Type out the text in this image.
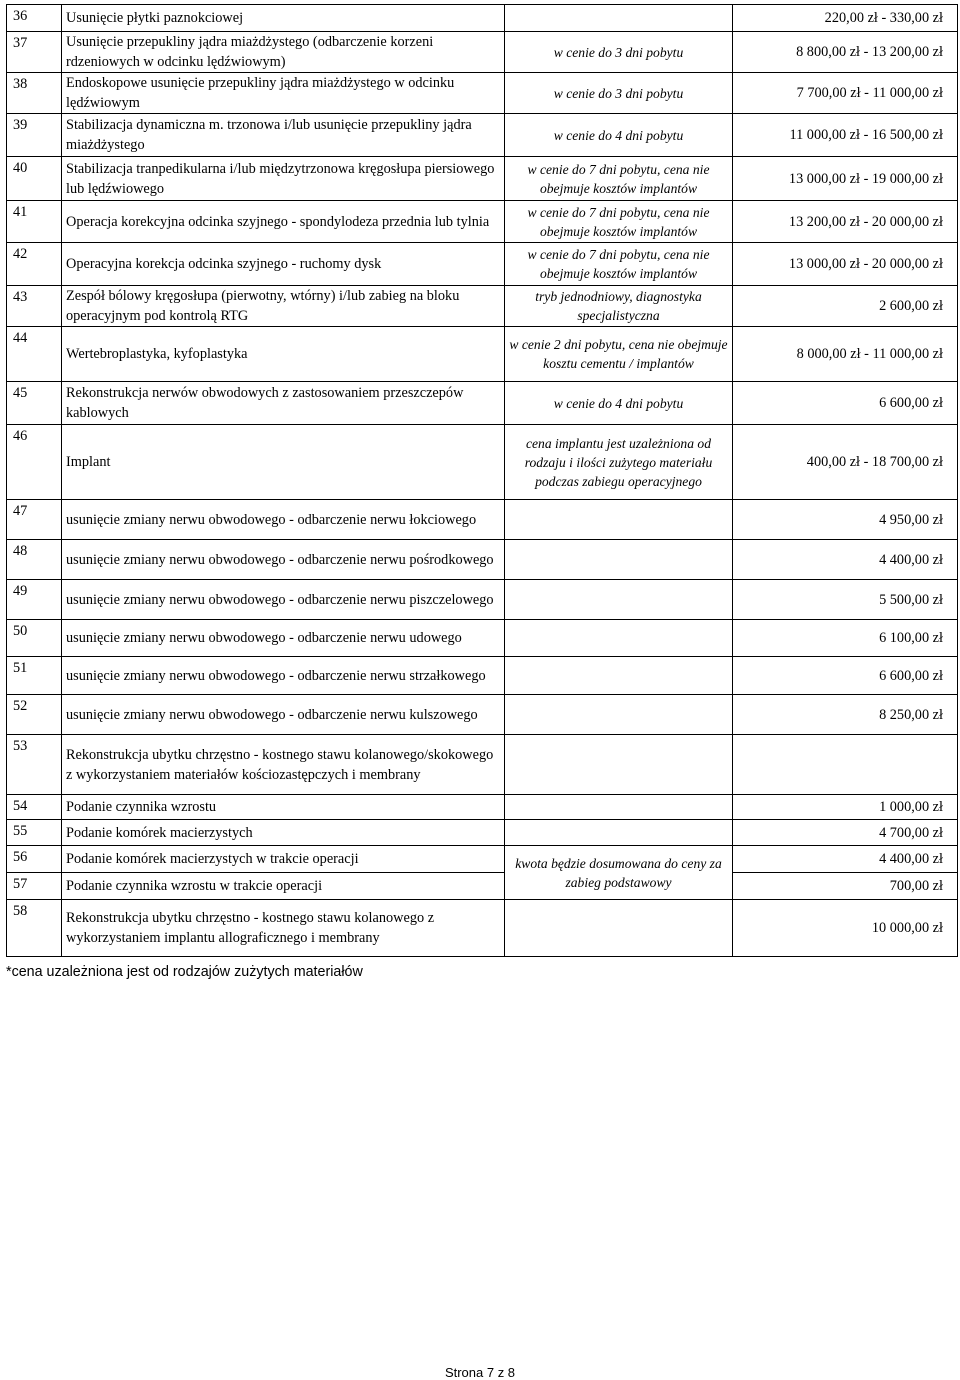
36	Usunięcie płytki paznokciowej		220,00 zł - 330,00 zł
37	Usunięcie przepukliny jądra miażdżystego (odbarczenie korzeni rdzeniowych w odcinku lędźwiowym)	w cenie do 3 dni pobytu	8 800,00 zł - 13 200,00 zł
38	Endoskopowe usunięcie przepukliny jądra miażdżystego w odcinku lędźwiowym	w cenie do 3 dni pobytu	7 700,00 zł - 11 000,00 zł
39	Stabilizacja dynamiczna m. trzonowa i/lub usunięcie przepukliny jądra miażdżystego	w cenie do 4 dni pobytu	11 000,00 zł - 16 500,00 zł
40	Stabilizacja tranpedikularna i/lub międzytrzonowa kręgosłupa piersiowego lub lędźwiowego	w cenie do 7 dni pobytu, cena nie obejmuje kosztów implantów	13 000,00 zł - 19 000,00 zł
41	Operacja korekcyjna odcinka szyjnego - spondylodeza przednia lub tylnia	w cenie do 7 dni pobytu, cena nie obejmuje kosztów implantów	13 200,00 zł - 20 000,00 zł
42	Operacyjna korekcja odcinka szyjnego - ruchomy dysk	w cenie do 7 dni pobytu, cena nie obejmuje kosztów implantów	13 000,00 zł - 20 000,00 zł
43	Zespół bólowy kręgosłupa (pierwotny, wtórny) i/lub zabieg na bloku operacyjnym pod kontrolą RTG	tryb jednodniowy, diagnostyka specjalistyczna	2 600,00 zł
44	Wertebroplastyka, kyfoplastyka	w cenie 2 dni pobytu, cena nie obejmuje kosztu cementu / implantów	8 000,00 zł - 11 000,00 zł
45	Rekonstrukcja nerwów obwodowych z zastosowaniem przeszczepów kablowych	w cenie do 4 dni pobytu	6 600,00 zł
46	Implant	cena implantu jest uzależniona od rodzaju i ilości zużytego materiału podczas zabiegu operacyjnego	400,00 zł - 18 700,00 zł
47	usunięcie zmiany nerwu obwodowego - odbarczenie nerwu łokciowego		4 950,00 zł
48	usunięcie zmiany nerwu obwodowego - odbarczenie nerwu pośrodkowego		4 400,00 zł
49	usunięcie zmiany nerwu obwodowego - odbarczenie nerwu piszczelowego		5 500,00 zł
50	usunięcie zmiany nerwu obwodowego - odbarczenie nerwu udowego		6 100,00 zł
51	usunięcie zmiany nerwu obwodowego - odbarczenie nerwu strzałkowego		6 600,00 zł
52	usunięcie zmiany nerwu obwodowego - odbarczenie nerwu kulszowego		8 250,00 zł
53	Rekonstrukcja ubytku chrzęstno - kostnego stawu kolanowego/skokowego z wykorzystaniem materiałów kościozastępczych i membrany		
54	Podanie czynnika wzrostu		1 000,00 zł
55	Podanie komórek macierzystych		4 700,00 zł
56	Podanie komórek macierzystych w trakcie operacji	kwota będzie dosumowana do ceny za zabieg podstawowy	4 400,00 zł
57	Podanie czynnika wzrostu w trakcie operacji		700,00 zł
58	Rekonstrukcja ubytku chrzęstno - kostnego stawu kolanowego z wykorzystaniem implantu allograficznego i membrany		10 000,00 zł
*cena uzależniona jest od rodzajów zużytych materiałów
Strona 7 z 8
